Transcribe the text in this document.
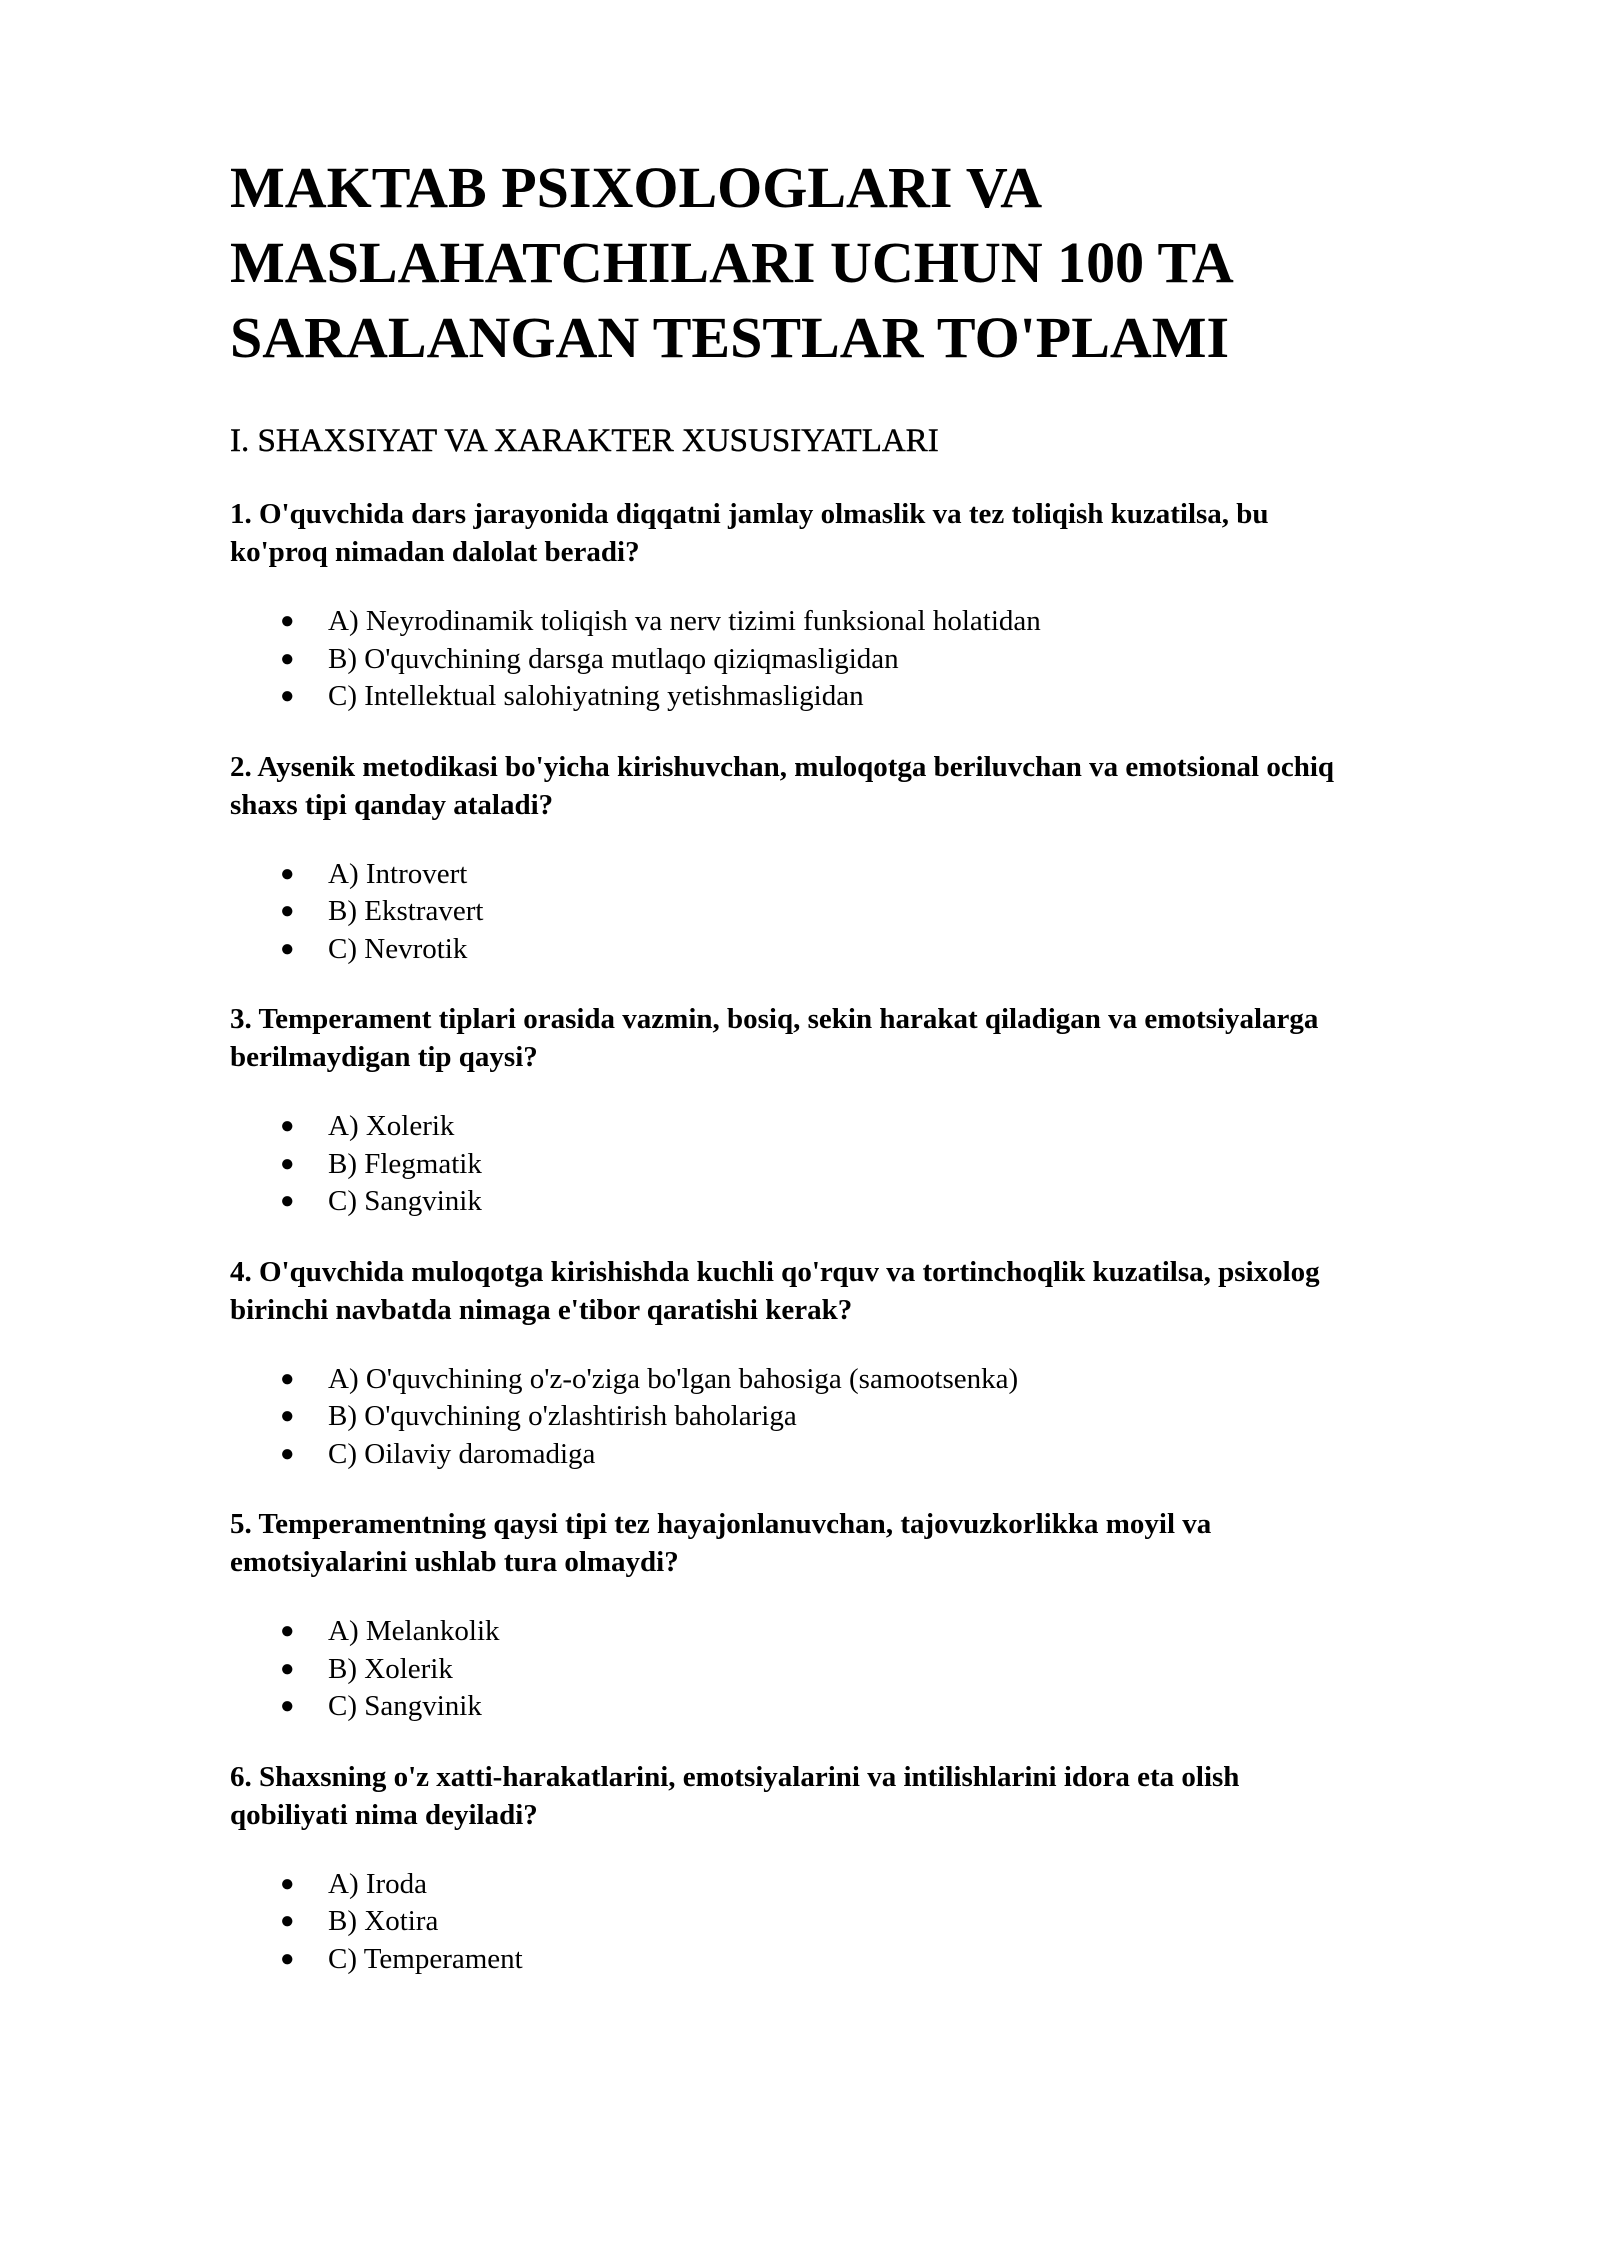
MAKTAB PSIXOLOGLARI VA
MASLAHATCHILARI UCHUN 100 TA
SARALANGAN TESTLAR TO'PLAMI
I. SHAXSIYAT VA XARAKTER XUSUSIYATLARI

1. O'quvchida dars jarayonida diqqatni jamlay olmaslik va tez toliqish kuzatilsa, bu
ko'proq nimadan dalolat beradi?

● A) Neyrodinamik toliqish va nerv tizimi funksional holatidan
● B) O'quvchining darsga mutlaqo qiziqmasligidan
● C) Intellektual salohiyatning yetishmasligidan

2. Aysenik metodikasi bo'yicha kirishuvchan, muloqotga beriluvchan va emotsional ochiq
shaxs tipi qanday ataladi?

● A) Introvert
● B) Ekstravert
● C) Nevrotik

3. Temperament tiplari orasida vazmin, bosiq, sekin harakat qiladigan va emotsiyalarga
berilmaydigan tip qaysi?

● A) Xolerik
● B) Flegmatik
● C) Sangvinik

4. O'quvchida muloqotga kirishishda kuchli qo'rquv va tortinchoqlik kuzatilsa, psixolog
birinchi navbatda nimaga e'tibor qaratishi kerak?

● A) O'quvchining o'z-o'ziga bo'lgan bahosiga (samootsenka)
● B) O'quvchining o'zlashtirish baholariga
● C) Oilaviy daromadiga

5. Temperamentning qaysi tipi tez hayajonlanuvchan, tajovuzkorlikka moyil va
emotsiyalarini ushlab tura olmaydi?

● A) Melankolik
● B) Xolerik
● C) Sangvinik

6. Shaxsning o'z xatti-harakatlarini, emotsiyalarini va intilishlarini idora eta olish
qobiliyati nima deyiladi?

● A) Iroda
● B) Xotira
● C) Temperament
